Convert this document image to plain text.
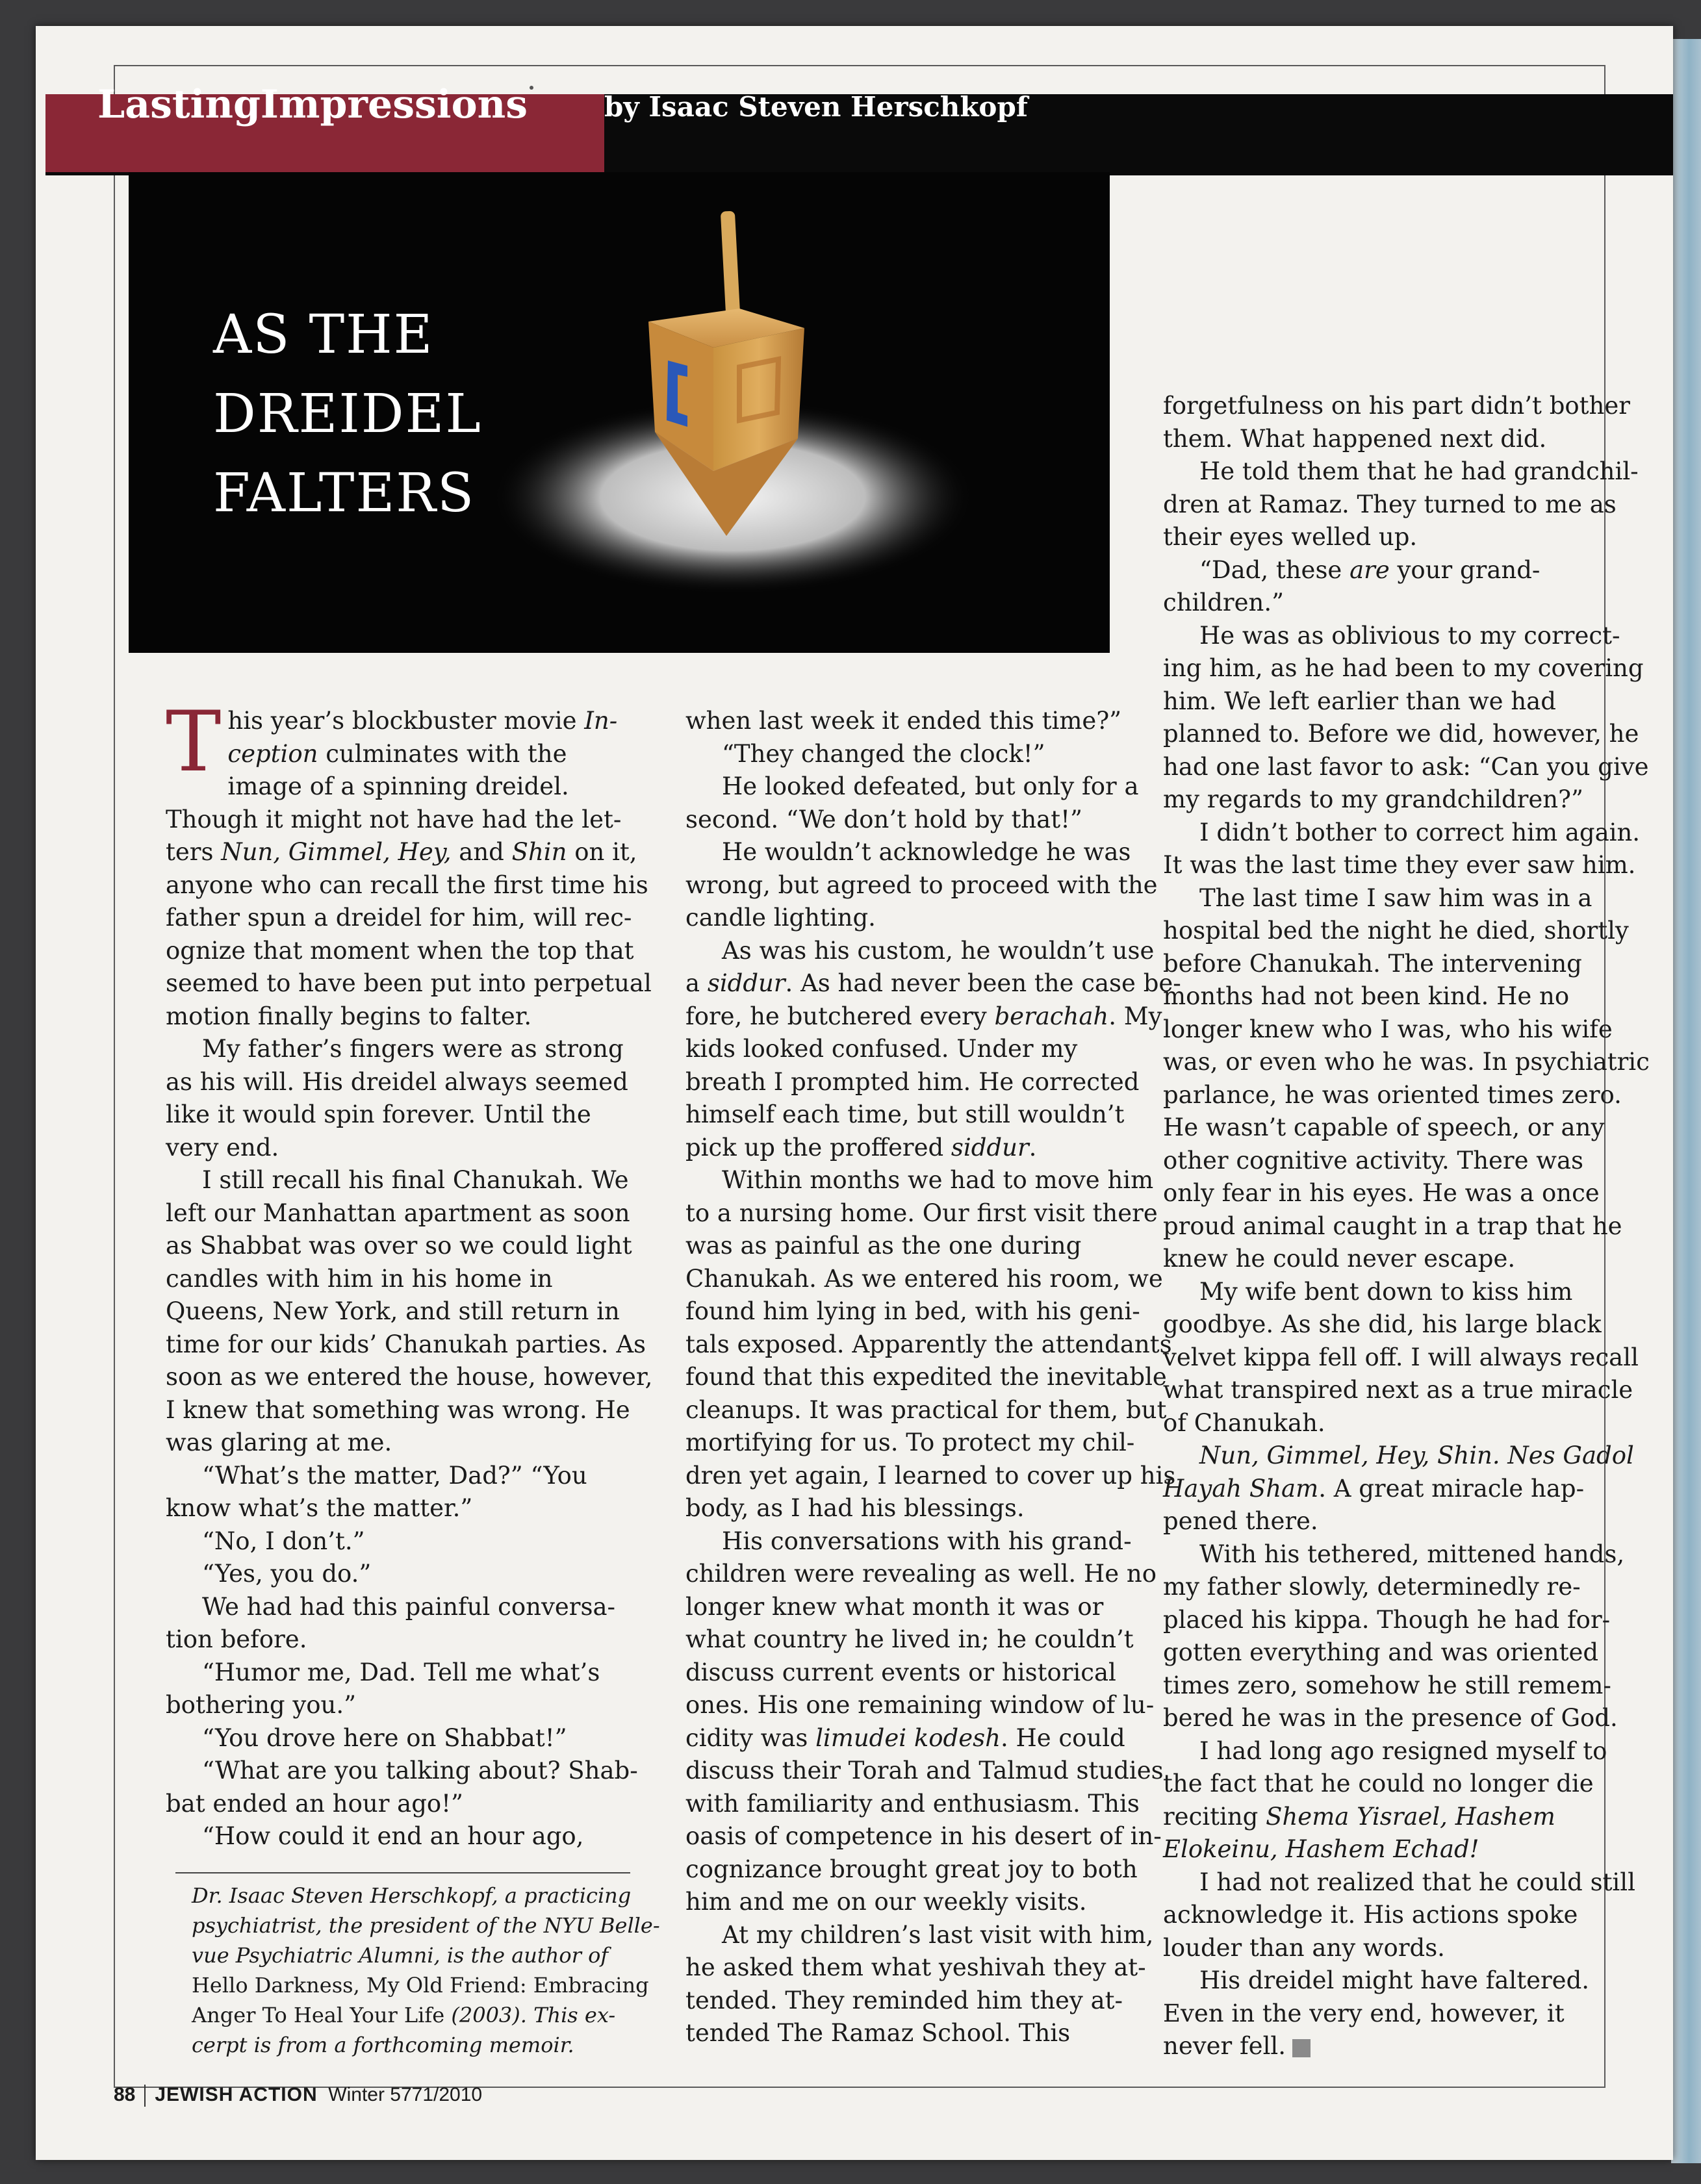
AS THE
DREIDEL
FALTERS
T his year’s blockbuster movie In-
ception culminates with the
image of a spinning dreidel.
Though it might not have had the let-
ters Nun, Gimmel, Hey, and Shin on it,
anyone who can recall the first time his
father spun a dreidel for him, will rec-
ognize that moment when the top that
seemed to have been put into perpetual
motion finally begins to falter.
My father’s fingers were as strong
as his will. His dreidel always seemed
like it would spin forever. Until the
very end.
I still recall his final Chanukah. We
left our Manhattan apartment as soon
as Shabbat was over so we could light
candles with him in his home in
Queens, New York, and still return in
time for our kids’ Chanukah parties. As
soon as we entered the house, however,
I knew that something was wrong. He
was glaring at me.
“What’s the matter, Dad?” “You
know what’s the matter.”
“No, I don’t.”
“Yes, you do.”
We had had this painful conversa-
tion before.
“Humor me, Dad. Tell me what’s
bothering you.”
“You drove here on Shabbat!”
“What are you talking about? Shab-
bat ended an hour ago!”
“How could it end an hour ago,
when last week it ended this time?”
“They changed the clock!”
He looked defeated, but only for a
second. “We don’t hold by that!”
He wouldn’t acknowledge he was
wrong, but agreed to proceed with the
candle lighting.
As was his custom, he wouldn’t use
a siddur. As had never been the case be-
fore, he butchered every berachah. My
kids looked confused. Under my
breath I prompted him. He corrected
himself each time, but still wouldn’t
pick up the proffered siddur.
Within months we had to move him
to a nursing home. Our first visit there
was as painful as the one during
Chanukah. As we entered his room, we
found him lying in bed, with his geni-
tals exposed. Apparently the attendants
found that this expedited the inevitable
cleanups. It was practical for them, but
mortifying for us. To protect my chil-
dren yet again, I learned to cover up his
body, as I had his blessings.
His conversations with his grand-
children were revealing as well. He no
longer knew what month it was or
what country he lived in; he couldn’t
discuss current events or historical
ones. His one remaining window of lu-
cidity was limudei kodesh. He could
discuss their Torah and Talmud studies
with familiarity and enthusiasm. This
oasis of competence in his desert of in-
cognizance brought great joy to both
him and me on our weekly visits.
At my children’s last visit with him,
he asked them what yeshivah they at-
tended. They reminded him they at-
tended The Ramaz School. This
forgetfulness on his part didn’t bother
them. What happened next did.
He told them that he had grandchil-
dren at Ramaz. They turned to me as
their eyes welled up.
“Dad, these are your grand-
children.”
He was as oblivious to my correct-
ing him, as he had been to my covering
him. We left earlier than we had
planned to. Before we did, however, he
had one last favor to ask: “Can you give
my regards to my grandchildren?”
I didn’t bother to correct him again.
It was the last time they ever saw him.
The last time I saw him was in a
hospital bed the night he died, shortly
before Chanukah. The intervening
months had not been kind. He no
longer knew who I was, who his wife
was, or even who he was. In psychiatric
parlance, he was oriented times zero.
He wasn’t capable of speech, or any
other cognitive activity. There was
only fear in his eyes. He was a once
proud animal caught in a trap that he
knew he could never escape.
My wife bent down to kiss him
goodbye. As she did, his large black
velvet kippa fell off. I will always recall
what transpired next as a true miracle
of Chanukah.
Nun, Gimmel, Hey, Shin. Nes Gadol
Hayah Sham. A great miracle hap-
pened there.
With his tethered, mittened hands,
my father slowly, determinedly re-
placed his kippa. Though he had for-
gotten everything and was oriented
times zero, somehow he still remem-
bered he was in the presence of God.
I had long ago resigned myself to
the fact that he could no longer die
reciting Shema Yisrael, Hashem
Elokeinu, Hashem Echad!
I had not realized that he could still
acknowledge it. His actions spoke
louder than any words.
His dreidel might have faltered.
Even in the very end, however, it
never fell.
Dr. Isaac Steven Herschkopf, a practicing
psychiatrist, the president of the NYU Belle-
vue Psychiatric Alumni, is the author of
Hello Darkness, My Old Friend: Embracing
Anger To Heal Your Life (2003). This ex-
cerpt is from a forthcoming memoir.
LastingImpressions	by Isaac Steven Herschkopf
88 JEWISH ACTION Winter 5771/2010
